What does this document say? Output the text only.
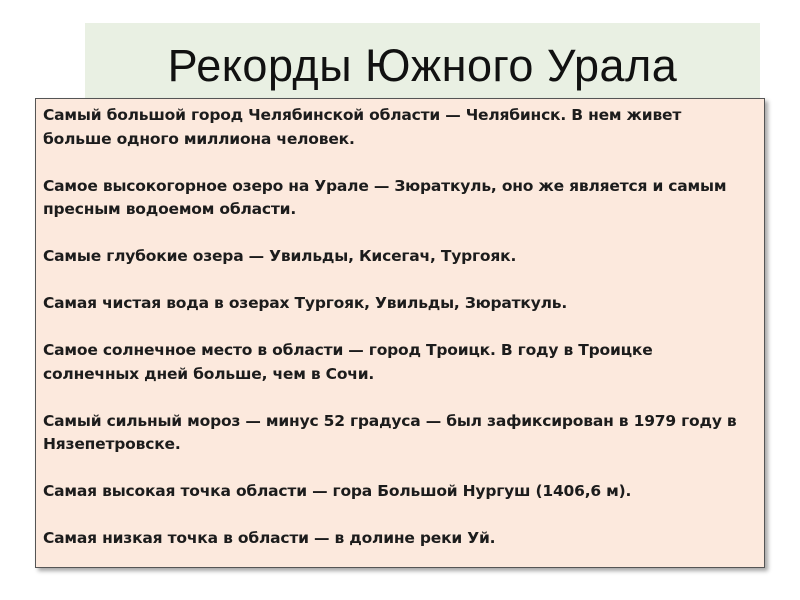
Рекорды Южного Урала

Самый большой город Челябинской области — Челябинск. В нем живет больше одного миллиона человек.

Самое высокогорное озеро на Урале — Зюраткуль, оно же является и самым пресным водоемом области.

Самые глубокие озера — Увильды, Кисегач, Тургояк.

Самая чистая вода в озерах Тургояк, Увильды, Зюраткуль.

Самое солнечное место в области — город Троицк. В году в Троицке солнечных дней больше, чем в Сочи.

Самый сильный мороз — минус 52 градуса — был зафиксирован в 1979 году в Нязепетровске.

Самая высокая точка области — гора Большой Нургуш (1406,6 м).

Самая низкая точка в области — в долине реки Уй.
